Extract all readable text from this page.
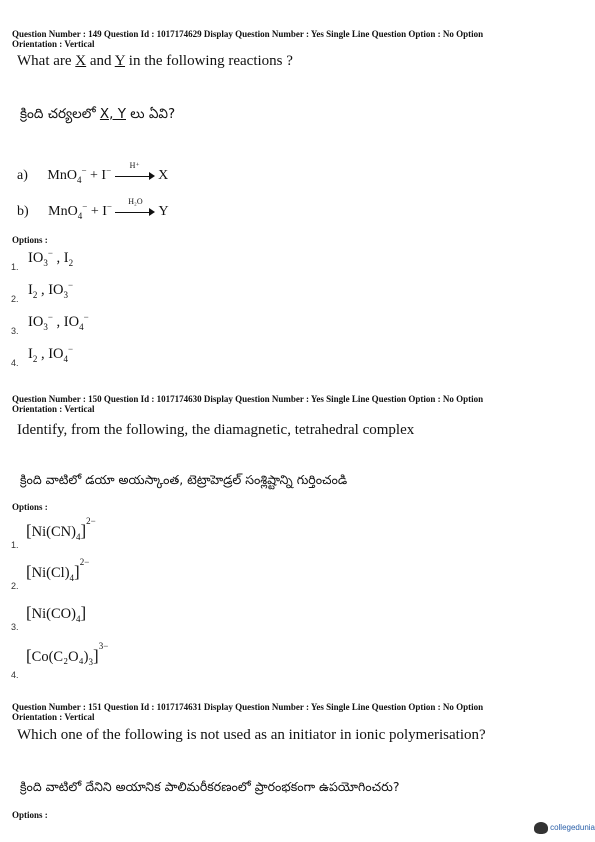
Question Number : 149 Question Id : 1017174629 Display Question Number : Yes Single Line Question Option : No Option
Orientation : Vertical
What are X and Y in the following reactions ?
క్రింది చర్యలలో X, Y లు ఏవి?
a) MnO$_4$− + I−
H⁺
X
b) MnO$_4$− + I−
H₂O
Y
Options :
1.
$IO_3^-$ , $I_2$
2.
$I_2$ , $IO_3^-$
3.
$IO_3^-$ , $IO_4^-$
4.
$I_2$ , $IO_4^-$
Question Number : 150 Question Id : 1017174630 Display Question Number : Yes Single Line Question Option : No Option
Orientation : Vertical
Identify, from the following, the diamagnetic, tetrahedral complex
క్రింది వాటిలో డయా అయస్కాంత, టెట్రాహెడ్రల్ సంశ్లిష్టాన్ని గుర్తించండి
Options :
1.
$[Ni(CN)_4]^{2-}$
2.
$[Ni(Cl)_4]^{2-}$
3.
$[Ni(CO)_4]$
4.
$[Co(C_2O_4)_3]^{3-}$
Question Number : 151 Question Id : 1017174631 Display Question Number : Yes Single Line Question Option : No Option
Orientation : Vertical
Which one of the following is not used as an initiator in ionic polymerisation?
క్రింది వాటిలో దేనిని అయానిక పాలిమరీకరణంలో ప్రారంభకంగా ఉపయోగించరు?
Options :
collegedunia
